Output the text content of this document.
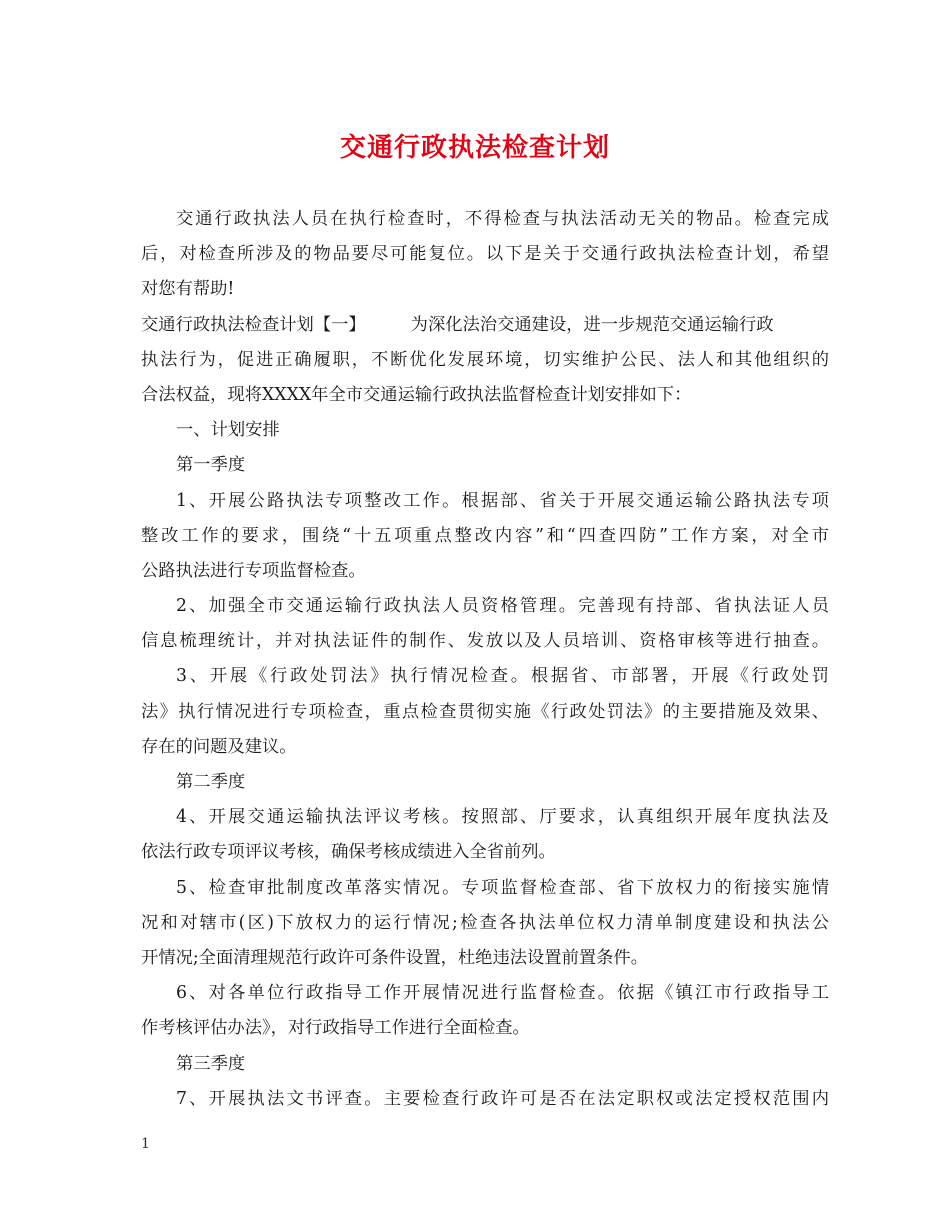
交通行政执法检查计划
交通行政执法人员在执行检查时，不得检查与执法活动无关的物品。检查完成
后，对检查所涉及的物品要尽可能复位。以下是关于交通行政执法检查计划，希望
对您有帮助!
交通行政执法检查计划【一】	为深化法治交通建设，进一步规范交通运输行政
执法行为，促进正确履职，不断优化发展环境，切实维护公民、法人和其他组织的
合法权益，现将XXXX年全市交通运输行政执法监督检查计划安排如下：
一、计划安排
第一季度
1、开展公路执法专项整改工作。根据部、省关于开展交通运输公路执法专项
整改工作的要求，围绕“十五项重点整改内容”和“四查四防”工作方案，对全市
公路执法进行专项监督检查。
2、加强全市交通运输行政执法人员资格管理。完善现有持部、省执法证人员
信息梳理统计，并对执法证件的制作、发放以及人员培训、资格审核等进行抽查。
3、开展《行政处罚法》执行情况检查。根据省、市部署，开展《行政处罚
法》执行情况进行专项检查，重点检查贯彻实施《行政处罚法》的主要措施及效果、
存在的问题及建议。
第二季度
4、开展交通运输执法评议考核。按照部、厅要求，认真组织开展年度执法及
依法行政专项评议考核，确保考核成绩进入全省前列。
5、检查审批制度改革落实情况。专项监督检查部、省下放权力的衔接实施情
况和对辖市(区)下放权力的运行情况;检查各执法单位权力清单制度建设和执法公
开情况;全面清理规范行政许可条件设置，杜绝违法设置前置条件。
6、对各单位行政指导工作开展情况进行监督检查。依据《镇江市行政指导工
作考核评估办法》，对行政指导工作进行全面检查。
第三季度
7、开展执法文书评查。主要检查行政许可是否在法定职权或法定授权范围内
1
